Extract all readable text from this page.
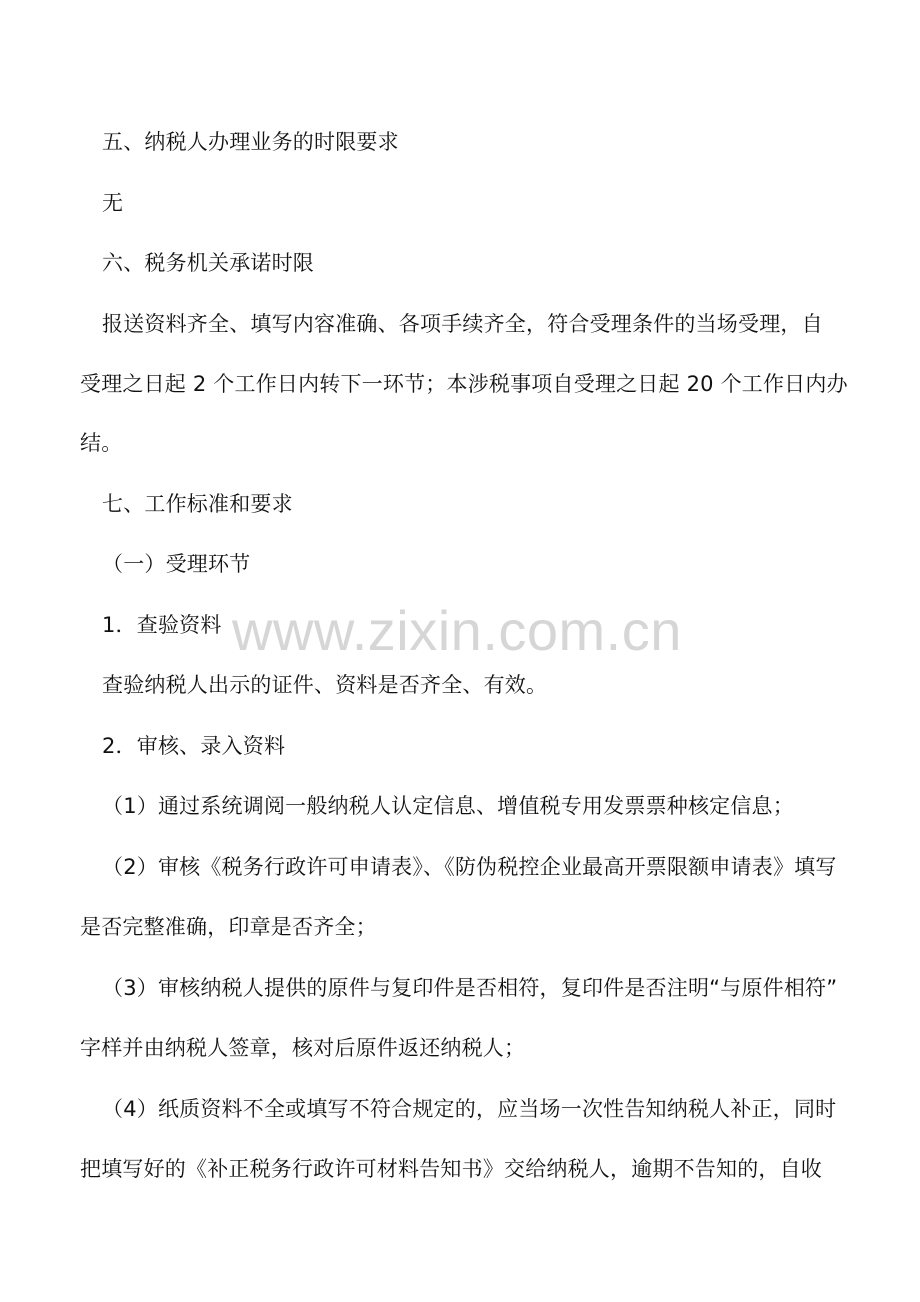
五、纳税人办理业务的时限要求
无
六、税务机关承诺时限
报送资料齐全、填写内容准确、各项手续齐全，符合受理条件的当场受理，自
受理之日起 2 个工作日内转下一环节；本涉税事项自受理之日起 20 个工作日内办
结。
七、工作标准和要求
（一）受理环节
1．查验资料
查验纳税人出示的证件、资料是否齐全、有效。
2．审核、录入资料
（1）通过系统调阅一般纳税人认定信息、增值税专用发票票种核定信息；
（2）审核《税务行政许可申请表》、《防伪税控企业最高开票限额申请表》填写
是否完整准确，印章是否齐全；
（3）审核纳税人提供的原件与复印件是否相符，复印件是否注明“与原件相符”
字样并由纳税人签章，核对后原件返还纳税人；
（4）纸质资料不全或填写不符合规定的，应当场一次性告知纳税人补正，同时
把填写好的《补正税务行政许可材料告知书》交给纳税人，逾期不告知的，自收
www.zixin.com.cn
